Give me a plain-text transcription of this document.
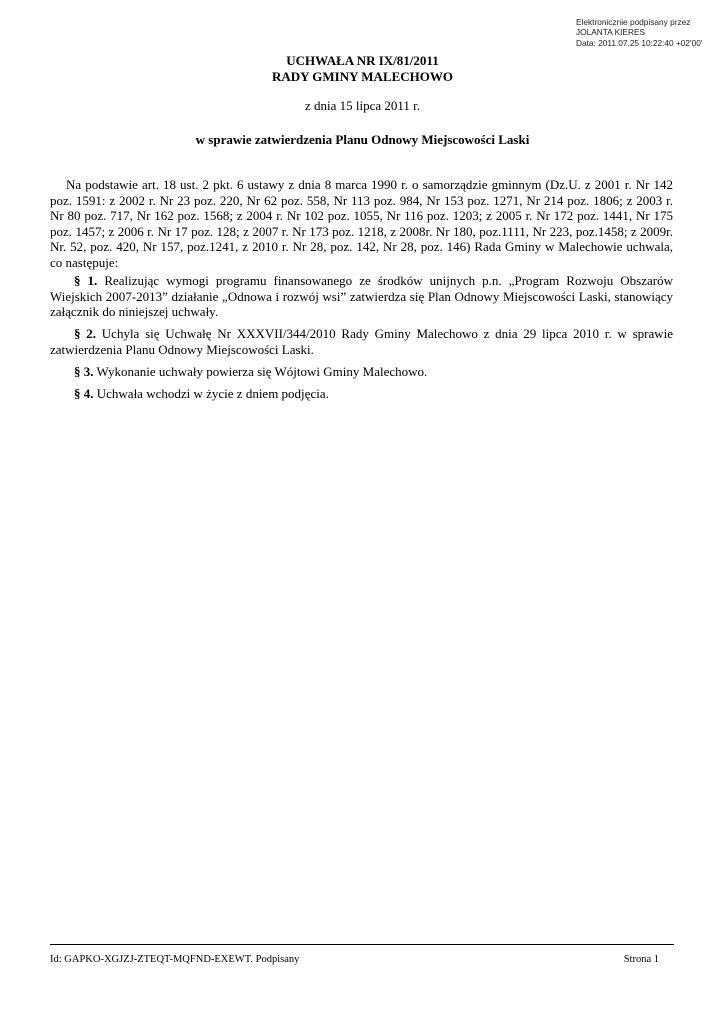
Elektronicznie podpisany przez
JOLANTA KIERES
Data: 2011.07.25 10:22:40 +02'00'
UCHWAŁA NR IX/81/2011
RADY GMINY MALECHOWO
z dnia 15 lipca 2011 r.
w sprawie zatwierdzenia Planu Odnowy Miejscowości Laski

Na podstawie art. 18 ust. 2 pkt. 6 ustawy z dnia 8 marca 1990 r. o samorządzie gminnym (Dz.U. z 2001 r. Nr 142 poz. 1591: z 2002 r. Nr 23 poz. 220, Nr 62 poz. 558, Nr 113 poz. 984, Nr 153 poz. 1271, Nr 214 poz. 1806; z 2003 r. Nr 80 poz. 717, Nr 162 poz. 1568; z 2004 r. Nr 102 poz. 1055, Nr 116 poz. 1203; z 2005 r. Nr 172 poz. 1441, Nr 175 poz. 1457; z 2006 r. Nr 17 poz. 128; z 2007 r. Nr 173 poz. 1218, z 2008r. Nr 180, poz.1111, Nr 223, poz.1458; z 2009r. Nr. 52, poz. 420, Nr 157, poz.1241, z 2010 r. Nr 28, poz. 142, Nr 28, poz. 146) Rada Gminy w Malechowie uchwala, co następuje:

§ 1. Realizując wymogi programu finansowanego ze środków unijnych p.n. „Program Rozwoju Obszarów Wiejskich 2007-2013” działanie „Odnowa i rozwój wsi” zatwierdza się Plan Odnowy Miejscowości Laski, stanowiący załącznik do niniejszej uchwały.

§ 2. Uchyla się Uchwałę Nr XXXVII/344/2010 Rady Gminy Malechowo z dnia 29 lipca 2010 r. w sprawie zatwierdzenia Planu Odnowy Miejscowości Laski.

§ 3. Wykonanie uchwały powierza się Wójtowi Gminy Malechowo.

§ 4. Uchwała wchodzi w życie z dniem podjęcia.

Id: GAPKO-XGJZJ-ZTEQT-MQFND-EXEWT. Podpisany	Strona 1
